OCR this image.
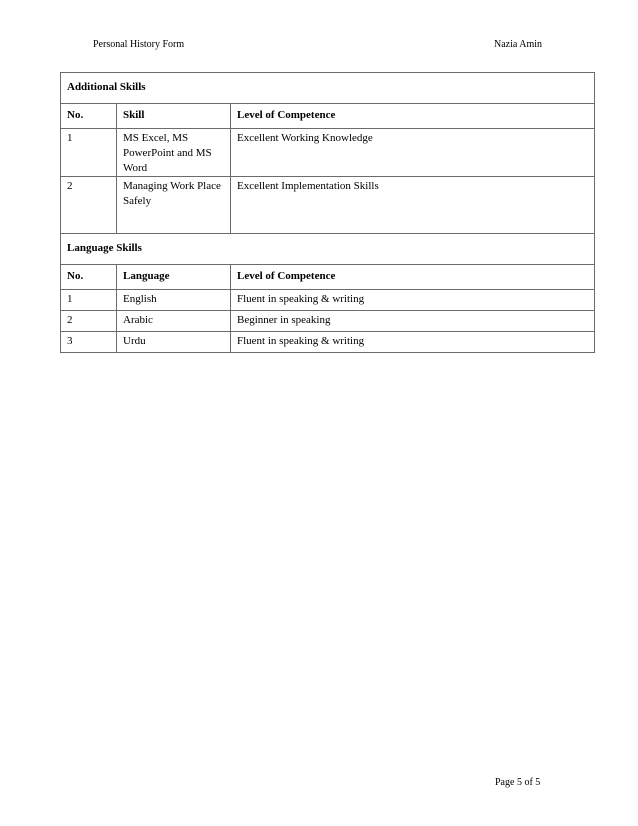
Personal History Form	Nazia Amin
Additional Skills		
No.	Skill	Level of Competence
1	MS Excel, MS PowerPoint and MS Word	Excellent Working Knowledge
2	Managing Work Place Safely	Excellent Implementation Skills
Language Skills		
No.	Language	Level of Competence
1	English	Fluent in speaking & writing
2	Arabic	Beginner in speaking
3	Urdu	Fluent in speaking & writing
Page 5 of 5
